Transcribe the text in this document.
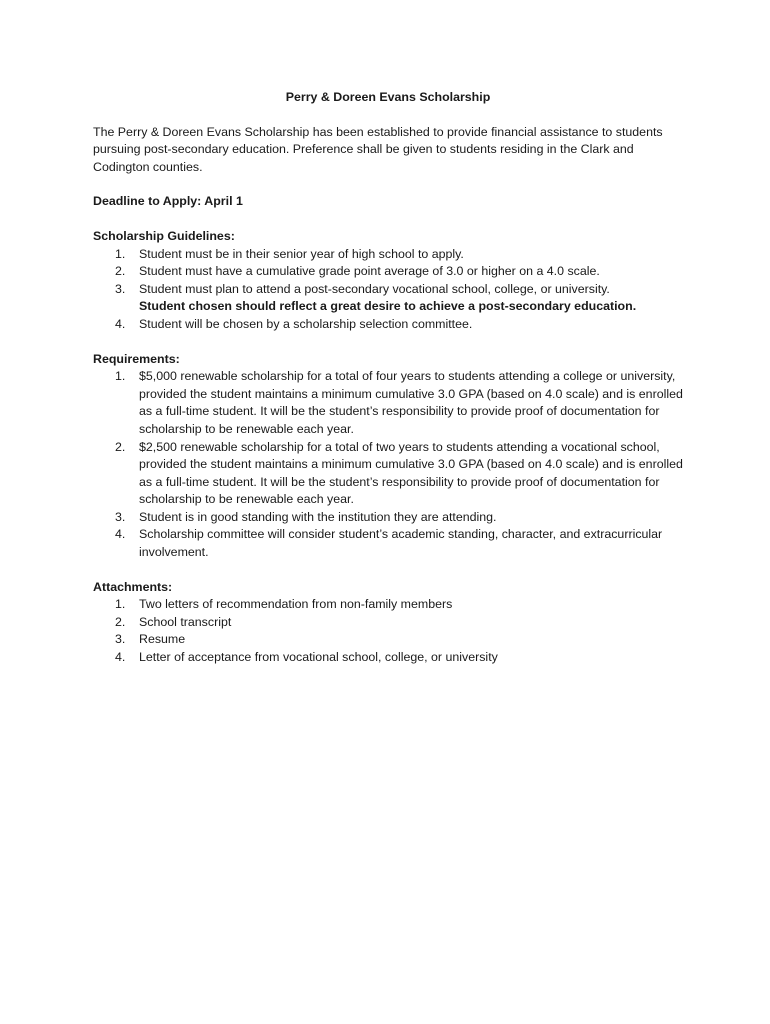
Perry & Doreen Evans Scholarship
The Perry & Doreen Evans Scholarship has been established to provide financial assistance to students pursuing post-secondary education. Preference shall be given to students residing in the Clark and Codington counties.
Deadline to Apply: April 1
Scholarship Guidelines:
1. Student must be in their senior year of high school to apply.
2. Student must have a cumulative grade point average of 3.0 or higher on a 4.0 scale.
3. Student must plan to attend a post-secondary vocational school, college, or university.
Student chosen should reflect a great desire to achieve a post-secondary education.
4. Student will be chosen by a scholarship selection committee.
Requirements:
1. $5,000 renewable scholarship for a total of four years to students attending a college or university, provided the student maintains a minimum cumulative 3.0 GPA (based on 4.0 scale) and is enrolled as a full-time student. It will be the student’s responsibility to provide proof of documentation for scholarship to be renewable each year.
2. $2,500 renewable scholarship for a total of two years to students attending a vocational school, provided the student maintains a minimum cumulative 3.0 GPA (based on 4.0 scale) and is enrolled as a full-time student. It will be the student’s responsibility to provide proof of documentation for scholarship to be renewable each year.
3. Student is in good standing with the institution they are attending.
4. Scholarship committee will consider student’s academic standing, character, and extracurricular involvement.
Attachments:
1. Two letters of recommendation from non-family members
2. School transcript
3. Resume
4. Letter of acceptance from vocational school, college, or university
